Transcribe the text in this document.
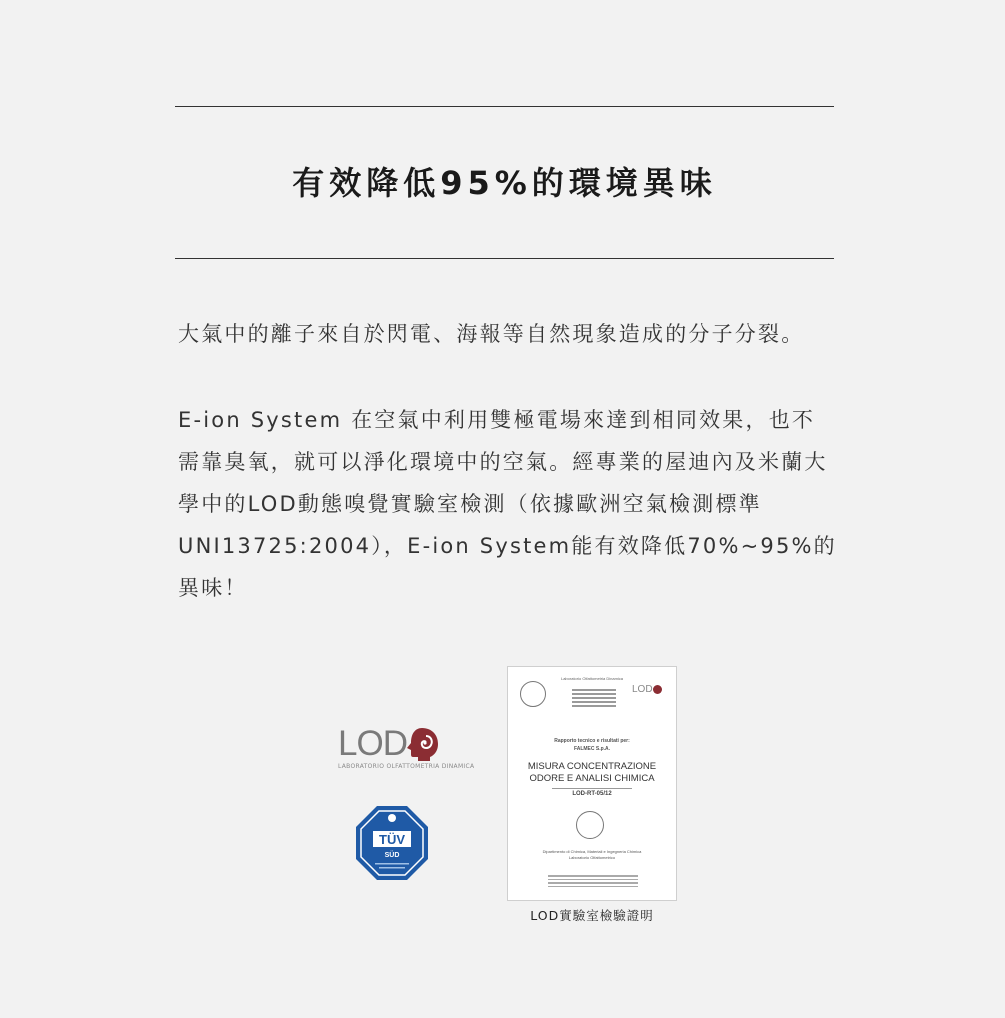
有效降低95%的環境異味

大氣中的離子來自於閃電、海報等自然現象造成的分子分裂。

E-ion System 在空氣中利用雙極電場來達到相同效果，也不需靠臭氧，就可以淨化環境中的空氣。經專業的屋迪內及米蘭大學中的LOD動態嗅覺實驗室檢測（依據歐洲空氣檢測標準UNI13725:2004），E-ion System能有效降低70%~95%的異味！

LOD
LABORATORIO OLFATTOMETRIA DINAMICA
TÜV
SÜD
Laboratorio Olfattometria Dinamica
LOD
Rapporto tecnico e risultati per:
FALMEC S.p.A.
MISURA CONCENTRAZIONE
ODORE E ANALISI CHIMICA
LOD-RT-05/12
Dipartimento di Chimica, Materiali e Ingegneria Chimica
Laboratorio Olfattometrico
LOD實驗室檢驗證明
